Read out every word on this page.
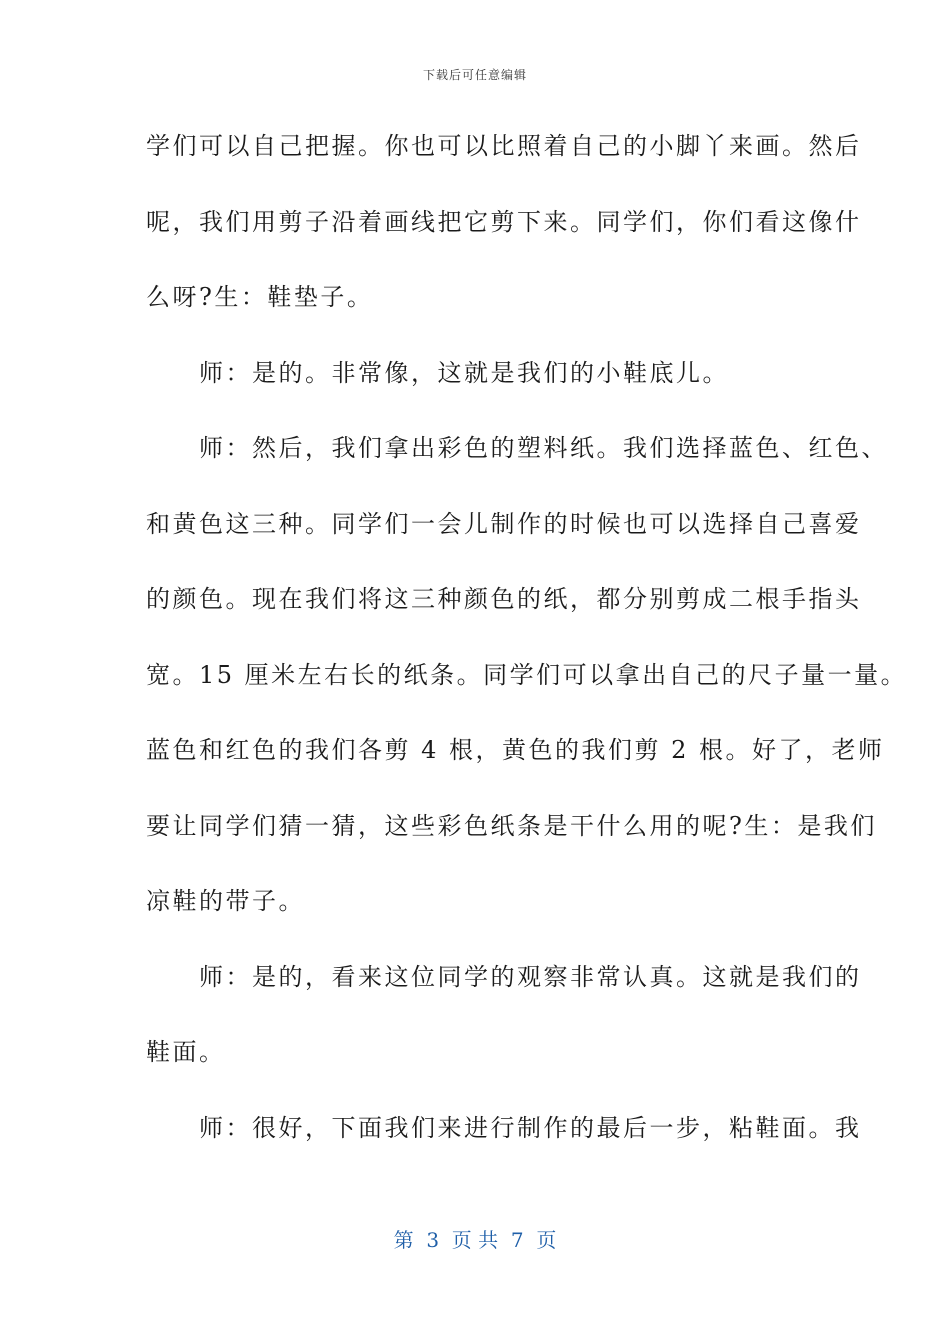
下载后可任意编辑
学们可以自己把握。你也可以比照着自己的小脚丫来画。然后
呢，我们用剪子沿着画线把它剪下来。同学们，你们看这像什
么呀?生：鞋垫子。
　　师：是的。非常像，这就是我们的小鞋底儿。
　　师：然后，我们拿出彩色的塑料纸。我们选择蓝色、红色、
和黄色这三种。同学们一会儿制作的时候也可以选择自己喜爱
的颜色。现在我们将这三种颜色的纸，都分别剪成二根手指头
宽。15 厘米左右长的纸条。同学们可以拿出自己的尺子量一量。
蓝色和红色的我们各剪 4 根，黄色的我们剪 2 根。好了，老师
要让同学们猜一猜，这些彩色纸条是干什么用的呢?生：是我们
凉鞋的带子。
　　师：是的，看来这位同学的观察非常认真。这就是我们的
鞋面。
　　师：很好，下面我们来进行制作的最后一步，粘鞋面。我
第  3  页 共  7  页
